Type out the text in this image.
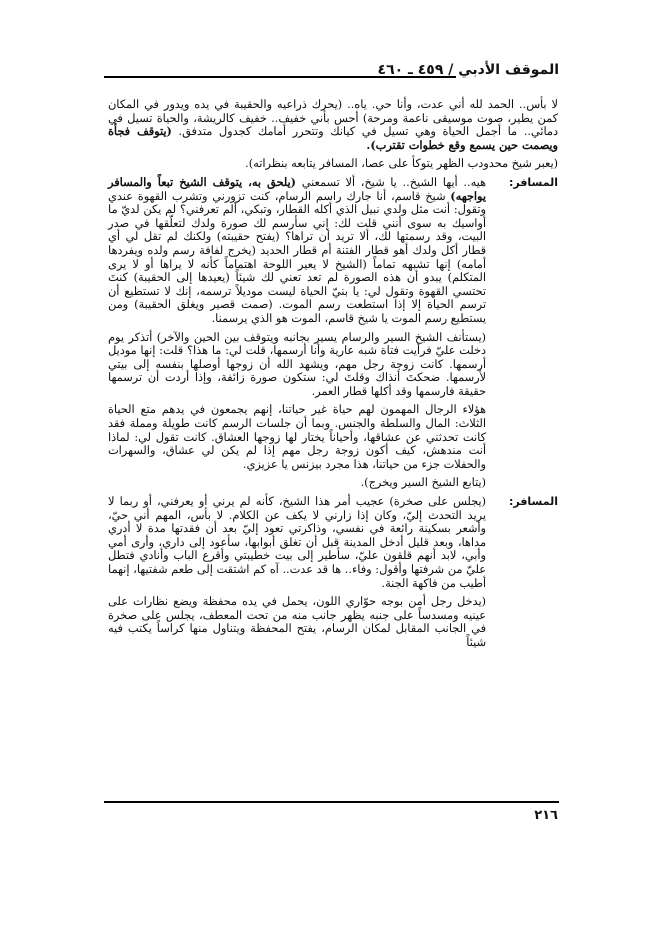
الموقف الأدبي / ٤٥٩ ـ ٤٦٠

لا بأس.. الحمد لله أني عدت، وأنا حي. ياه.. (يحرك ذراعيه والحقيبة في يده ويدور في المكان كمن يطير، صوت موسيقى ناعمة ومرحة) أحس بأني خفيف.. خفيف كالريشة، والحياة تسيل في دمائي.. ما أجمل الحياة وهي تسيل في كيانك وتتحرر أمامك كجدول متدفق. (يتوقف فجأة ويصمت حين يسمع وقع خطوات تقترب).

(يعبر شيخ محدودب الظهر يتوكأ على عصا، المسافر يتابعه بنظراته).

المسافر:

هيه.. أيها الشيخ.. يا شيخ، ألا تسمعني (يلحق به، يتوقف الشيخ تبعاً والمسافر يواجهه) شيخ قاسم، أنا جارك راسم الرسام، كنت تزورني وتشرب القهوة عندي وتقول: أنت مثل ولدي نبيل الذي أكله القطار، وتبكي، ألم تعرفني؟ لم يكن لديّ ما أواسيك به سوى أنني قلت لك: إني سأرسم لك صورة ولدك لتعلّقها في صدر البيت، وقد رسمتها لك، ألا تريد أن تراها؟ (يفتح حقيبته) ولكنك لم تقل لي أي قطار أكل ولدك أهو قطار الفتنة أم قطار الحديد (يخرج لفافة رسم ولده ويفردها أمامه) إنها تشبهه تماماً (الشيخ لا يعير اللوحة اهتماماً كأنه لا يراها أو لا يرى المتكلم) يبدو أن هذه الصورة لم تعد تعني لك شيئاً (يعيدها إلى الحقيبة) كنتَ تحتسي القهوة وتقول لي: يا بنيّ الحياة ليست موديلاً ترسمه، إنك لا تستطيع أن ترسم الحياة إلا إذا استطعت رسم الموت. (صمت قصير ويغلق الحقيبة) ومن يستطيع رسم الموت يا شيخ قاسم، الموت هو الذي يرسمنا.

(يستأنف الشيخ السير والرسام يسير بجانبه ويتوقف بين الحين والآخر) أتذكر يوم دخلت عليّ فرأيت فتاة شبه عارية وأنا أرسمها، قلت لي: ما هذا؟ قلت: إنها موديل أرسمها. كانت زوجة رجل مهم، ويشهد الله أن زوجها أوصلها بنفسه إلى بيتي لأرسمها. ضحكتَ أنذاك وقلتَ لي: ستكون صورة زائفة، وإذا أردت أن ترسمها حقيقة فارسمها وقد أكلها قطار العمر.

هؤلاء الرجال المهمون لهم حياة غير حياتنا، إنهم يجمعون في يدهم متع الحياة الثلاث: المال والسلطة والجنس. وبما أن جلسات الرسم كانت طويلة ومملة فقد كانت تحدثني عن عشاقها، وأحياناً يختار لها زوجها العشاق. كانت تقول لي: لماذا أنت مندهش، كيف أكون زوجة رجل مهم إذا لم يكن لي عشاق، والسهرات والحفلات جزء من حياتنا، هذا مجرد بيزنس يا عزيزي.

(يتابع الشيخ السير ويخرج).

المسافر:

(يجلس على صخرة) عجيب أمر هذا الشيخ، كأنه لم يرني أو يعرفني، أو ربما لا يريد التحدث إليّ، وكان إذا زارني لا يكف عن الكلام. لا بأس، المهم أني حيّ، وأشعر بسكينة رائعة في نفسي، وذاكرتي تعود إليّ بعد أن فقدتها مدة لا أدري مداها، وبعد قليل أدخل المدينة قبل أن تغلق أبوابها، سأعود إلى داري، وأرى أمي وأبي، لابد أنهم قلقون عليّ، سأطير إلى بيت خطيبتي وأقرع الباب وأنادي فتطل عليّ من شرفتها وأقول: وفاء.. ها قد عدت.. آه كم اشتقت إلى طعم شفتيها، إنهما أطيب من فاكهة الجنة.

(يدخل رجل أمن بوجه حوّاري اللون، يحمل في يده محفظة ويضع نظارات على عينيه ومسدساً على جنبه يظهر جانب منه من تحت المعطف، يجلس على صخرة في الجانب المقابل لمكان الرسام، يفتح المحفظة ويتناول منها كراساً يكتب فيه شيئاً

٢١٦
